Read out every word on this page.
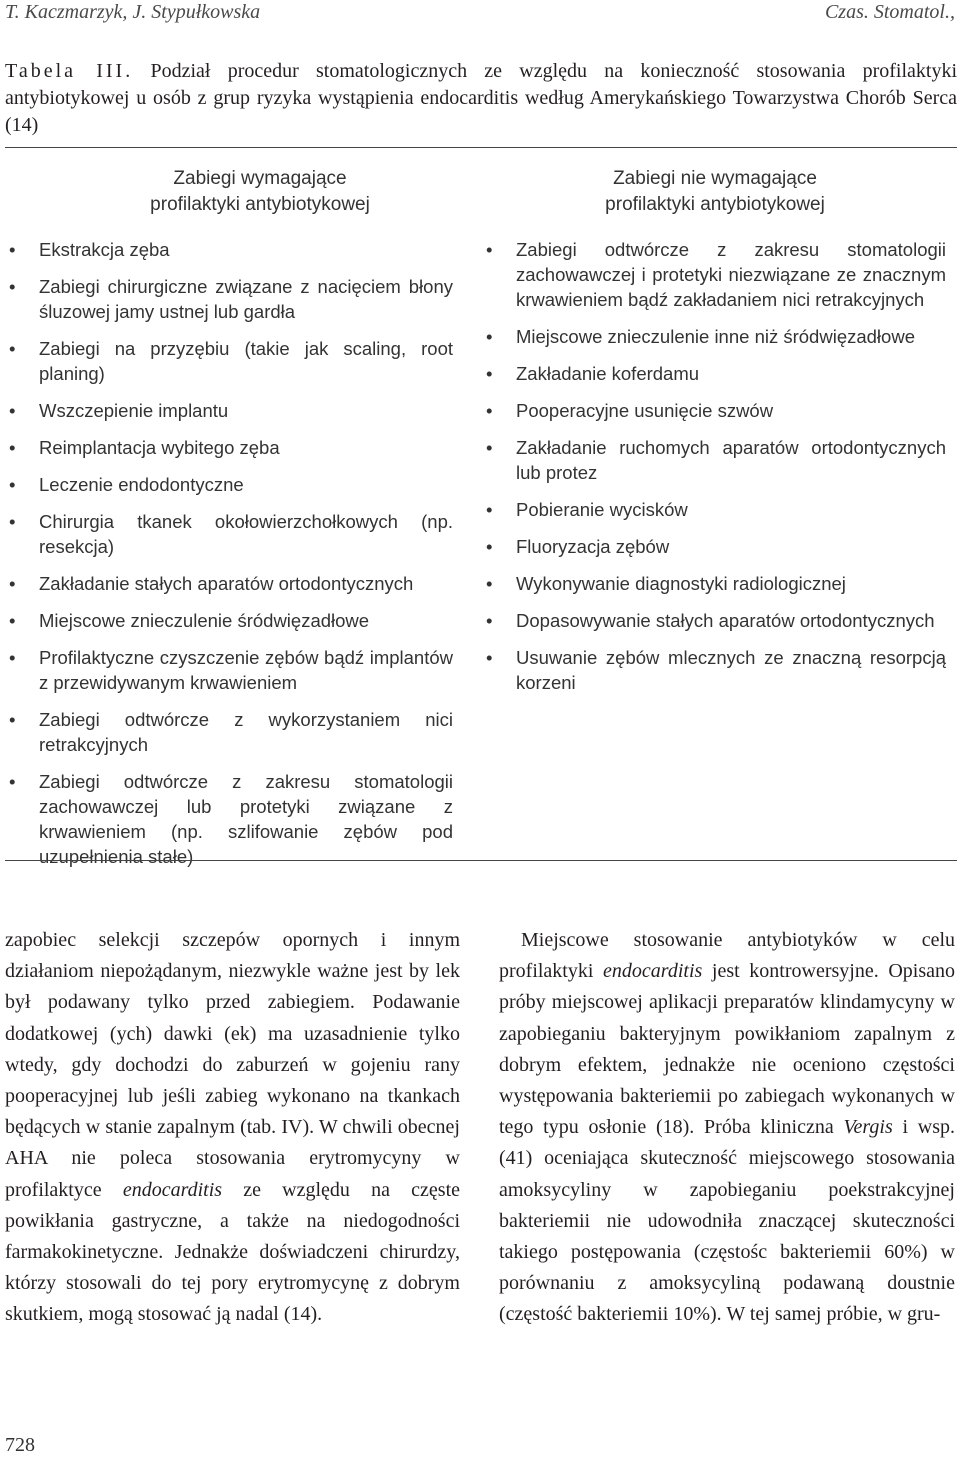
T. Kaczmarzyk, J. Stypułkowska	Czas. Stomatol.,
Tabela III. Podział procedur stomatologicznych ze względu na konieczność stosowania profilaktyki antybiotykowej u osób z grup ryzyka wystąpienia endocarditis według Amerykańskiego Towarzystwa Chorób Serca (14)
Zabiegi wymagające
profilaktyki antybiotykowej
Zabiegi nie wymagające
profilaktyki antybiotykowej
• Ekstrakcja zęba
• Zabiegi chirurgiczne związane z nacięciem błony śluzowej jamy ustnej lub gardła
• Zabiegi na przyzębiu (takie jak scaling, root planing)
• Wszczepienie implantu
• Reimplantacja wybitego zęba
• Leczenie endodontyczne
• Chirurgia tkanek okołowierzchołkowych (np. resekcja)
• Zakładanie stałych aparatów ortodontycznych
• Miejscowe znieczulenie śródwięzadłowe
• Profilaktyczne czyszczenie zębów bądź implantów z przewidywanym krwawieniem
• Zabiegi odtwórcze z wykorzystaniem nici retrakcyjnych
• Zabiegi odtwórcze z zakresu stomatologii zachowawczej lub protetyki związane z krwawieniem (np. szlifowanie zębów pod uzupełnienia stałe)
• Zabiegi odtwórcze z zakresu stomatologii zachowawczej i protetyki niezwiązane ze znacznym krwawieniem bądź zakładaniem nici retrakcyjnych
• Miejscowe znieczulenie inne niż śródwięzadłowe
• Zakładanie koferdamu
• Pooperacyjne usunięcie szwów
• Zakładanie ruchomych aparatów ortodontycznych lub protez
• Pobieranie wycisków
• Fluoryzacja zębów
• Wykonywanie diagnostyki radiologicznej
• Dopasowywanie stałych aparatów ortodontycznych
• Usuwanie zębów mlecznych ze znaczną resorpcją korzeni

zapobiec selekcji szczepów opornych i innym działaniom niepożądanym, niezwykle ważne jest by lek był podawany tylko przed zabiegiem. Podawanie dodatkowej (ych) dawki (ek) ma uzasadnienie tylko wtedy, gdy dochodzi do zaburzeń w gojeniu rany pooperacyjnej lub jeśli zabieg wykonano na tkankach będących w stanie zapalnym (tab. IV). W chwili obecnej AHA nie poleca stosowania erytromycyny w profilaktyce endocarditis ze względu na częste powikłania gastryczne, a także na niedogodności farmakokinetyczne. Jednakże doświadczeni chirurdzy, którzy stosowali do tej pory erytromycynę z dobrym skutkiem, mogą stosować ją nadal (14).

Miejscowe stosowanie antybiotyków w celu profilaktyki endocarditis jest kontrowersyjne. Opisano próby miejscowej aplikacji preparatów klindamycyny w zapobieganiu bakteryjnym powikłaniom zapalnym z dobrym efektem, jednakże nie oceniono częstości występowania bakteriemii po zabiegach wykonanych w tego typu osłonie (18). Próba kliniczna Vergis i wsp. (41) oceniająca skuteczność miejscowego stosowania amoksycyliny w zapobieganiu poekstrakcyjnej bakteriemii nie udowodniła znaczącej skuteczności takiego postępowania (częstośc bakteriemii 60%) w porównaniu z amoksycyliną podawaną doustnie (częstość bakteriemii 10%). W tej samej próbie, w gru-

728
